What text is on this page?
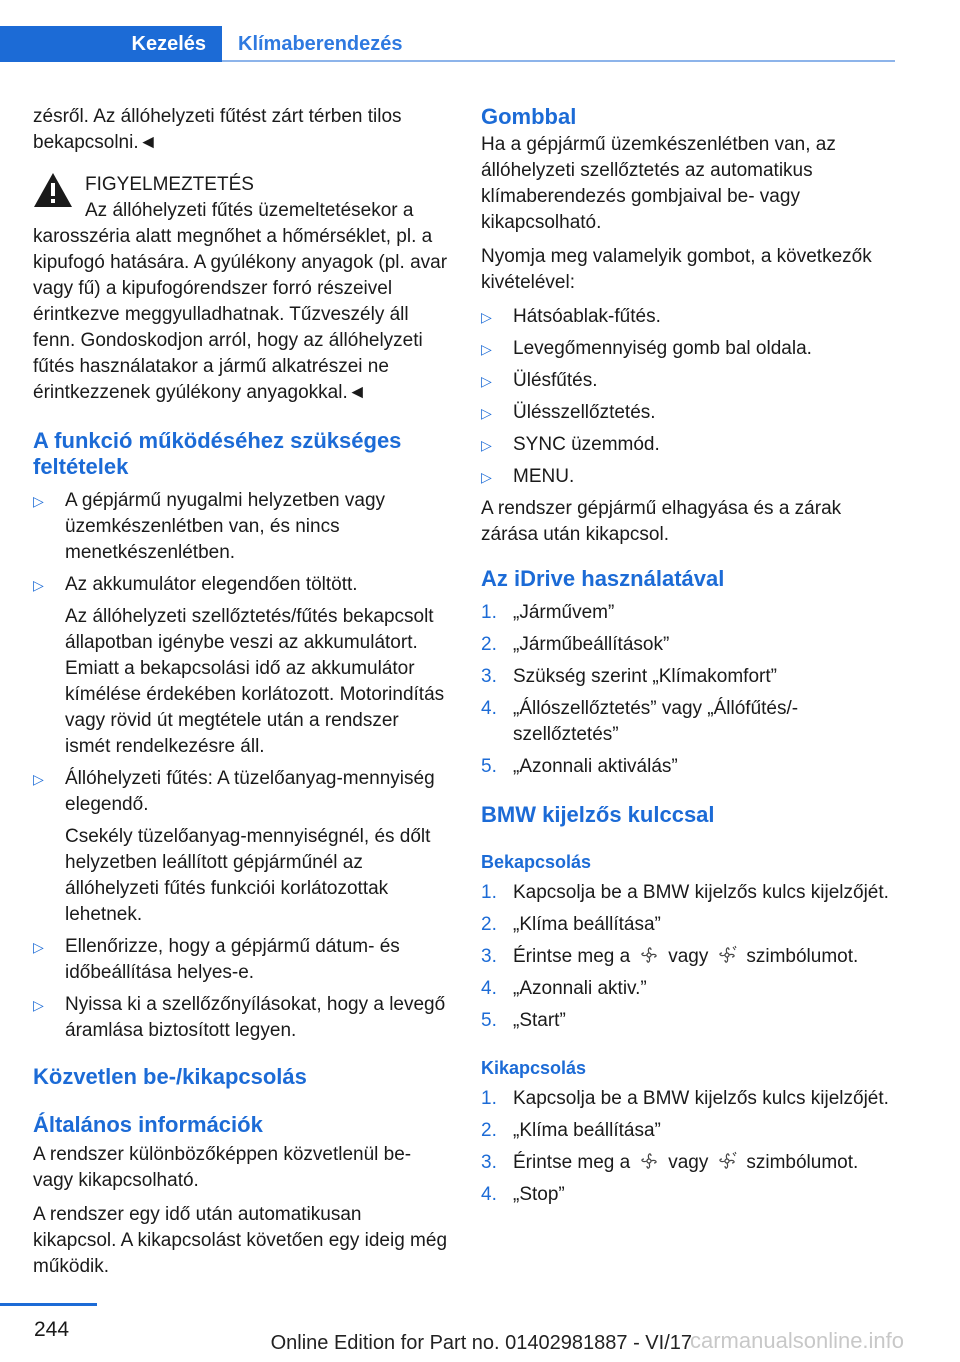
Kezelés	Klímaberendezés

zésről. Az állóhelyzeti fűtést zárt térben tilos bekapcsolni.◄

FIGYELMEZTETÉS
Az állóhelyzeti fűtés üzemeltetésekor a
karosszéria alatt megnőhet a hőmérséklet, pl. a kipufogó hatására. A gyúlékony anyagok (pl. avar vagy fű) a kipufogórendszer forró részeivel érintkezve meggyulladhatnak. Tűzveszély áll fenn. Gondoskodjon arról, hogy az állóhelyzeti fűtés használatakor a jármű alkatrészei ne érintkezzenek gyúlékony anyagokkal.◄
A funkció működéséhez szükséges feltételek
▷ A gépjármű nyugalmi helyzetben vagy üzemkészenlétben van, és nincs menetkészenlétben.
▷ Az akkumulátor elegendően töltött.
Az állóhelyzeti szellőztetés/fűtés bekapcsolt állapotban igénybe veszi az akkumulátort. Emiatt a bekapcsolási idő az akkumulátor kímélése érdekében korlátozott. Motorindítás vagy rövid út megtétele után a rendszer ismét rendelkezésre áll.
▷ Állóhelyzeti fűtés: A tüzelőanyag-mennyiség elegendő.
Csekély tüzelőanyag-mennyiségnél, és dőlt helyzetben leállított gépjárműnél az állóhelyzeti fűtés funkciói korlátozottak lehetnek.
▷ Ellenőrizze, hogy a gépjármű dátum- és időbeállítása helyes-e.
▷ Nyissa ki a szellőzőnyílásokat, hogy a levegő áramlása biztosított legyen.
Közvetlen be-/kikapcsolás
Általános információk

A rendszer különbözőképpen közvetlenül be- vagy kikapcsolható.

A rendszer egy idő után automatikusan kikapcsol. A kikapcsolást követően egy ideig még működik.

Gombbal

Ha a gépjármű üzemkészenlétben van, az állóhelyzeti szellőztetés az automatikus klímaberendezés gombjaival be- vagy kikapcsolható.

Nyomja meg valamelyik gombot, a következők kivételével:

▷ Hátsóablak-fűtés.
▷ Levegőmennyiség gomb bal oldala.
▷ Ülésfűtés.
▷ Ülésszellőztetés.
▷ SYNC üzemmód.
▷ MENU.

A rendszer gépjármű elhagyása és a zárak zárása után kikapcsol.

Az iDrive használatával
1. „Járművem”
2. „Járműbeállítások”
3. Szükség szerint „Klímakomfort”
4. „Állószellőztetés” vagy „Állófűtés/-szellőztetés”
5. „Azonnali aktiválás”
BMW kijelzős kulccsal
Bekapcsolás
1. Kapcsolja be a BMW kijelzős kulcs kijelzőjét.
2. „Klíma beállítása”
3. Érintse meg a vagy szimbólumot.
4. „Azonnali aktiv.”
5. „Start”
Kikapcsolás
1. Kapcsolja be a BMW kijelzős kulcs kijelzőjét.
2. „Klíma beállítása”
3. Érintse meg a vagy szimbólumot.
4. „Stop”
244
Online Edition for Part no. 01402981887 - VI/17
carmanualsonline.info
